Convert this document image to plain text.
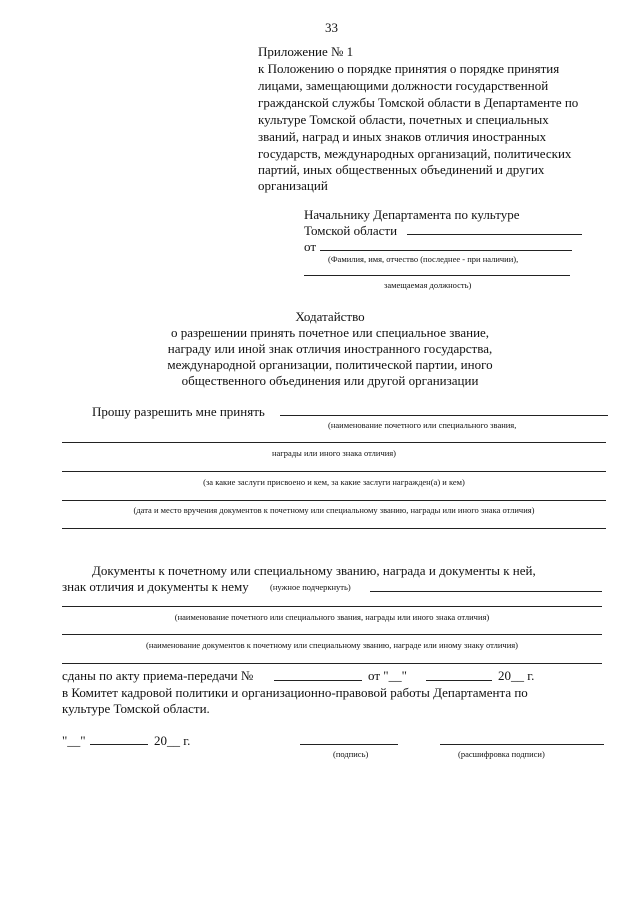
33
Приложение № 1
к Положению о порядке принятия о порядке принятия
лицами, замещающими должности государственной
гражданской службы Томской области в Департаменте по
культуре Томской области, почетных и специальных
званий, наград и иных знаков отличия иностранных
государств, международных организаций, политических
партий, иных общественных объединений и других
организаций
Начальнику Департамента по культуре
Томской области
от
(Фамилия, имя, отчество (последнее - при наличии),
замещаемая должность)
Ходатайство
о разрешении принять почетное или специальное звание,
награду или иной знак отличия иностранного государства,
международной организации, политической партии, иного
общественного объединения или другой организации
Прошу разрешить мне принять
(наименование почетного или специального звания,
награды или иного знака отличия)
(за какие заслуги присвоено и кем, за какие заслуги награжден(а) и кем)
(дата и место вручения документов к почетному или специальному званию, награды или иного знака отличия)
Документы к почетному или специальному званию, награда и документы к ней,
знак отличия и документы к нему	(нужное подчеркнуть)
(наименование почетного или специального звания, награды или иного знака отличия)
(наименование документов к почетному или специальному званию, награде или иному знаку отличия)
сданы по акту приема-передачи №	от "__"	20__ г.
в Комитет кадровой политики и организационно-правовой работы Департамента по
культуре Томской области.
"__"	20__ г.
(подпись)	(расшифровка подписи)
